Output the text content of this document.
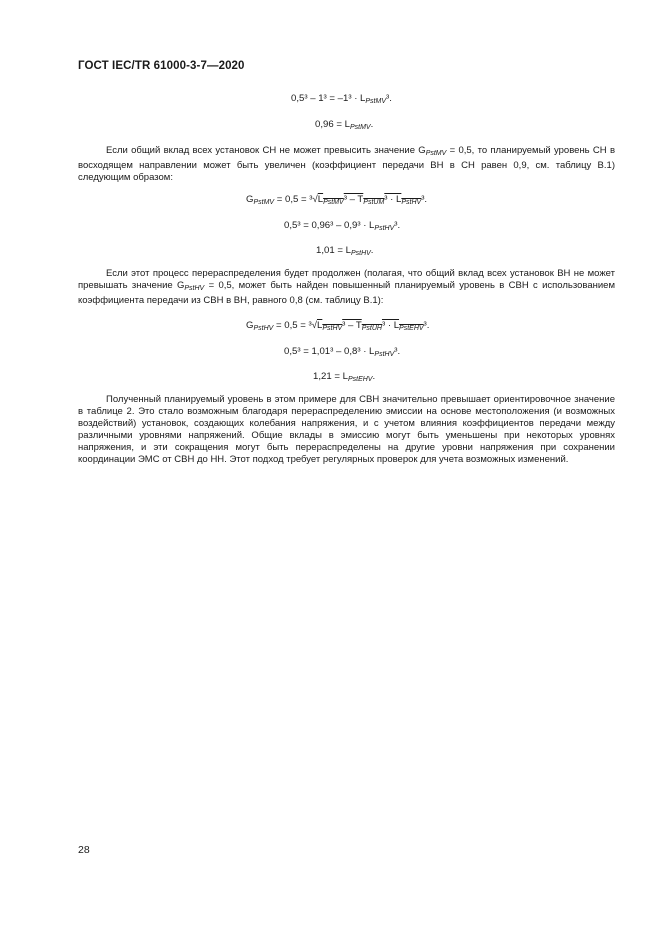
ГОСТ IEC/TR 61000-3-7—2020
$0,5^3 - 1^3 = -1^3 \cdot L_{PstMV}^3$.
$0,96 = L_{PstMV}$.

Если общий вклад всех установок СН не может превысить значение $G_{PstMV} = 0,5$, то планируемый уровень СН в восходящем направлении может быть увеличен (коэффициент передачи ВН в СН равен 0,9, см. таблицу В.1) следующим образом:

$G_{PstMV} = 0,5 = ^3√L_{PstMV}^3 - T_{PstUM}^3 \cdot L_{PstHV}^3$.
$0,5^3 = 0,96^3 - 0,9^3 \cdot L_{PstHV}^3$.
$1,01 = L_{PstHV}$.

Если этот процесс перераспределения будет продолжен (полагая, что общий вклад всех установок ВН не может превышать значение $G_{PstHV} = 0,5$, может быть найден повышенный планируемый уровень в СВН с использованием коэффициента передачи из СВН в ВН, равного 0,8 (см. таблицу В.1):

$G_{PstHV} = 0,5 = ^3√L_{PstHV}^3 - T_{PstUH}^3 \cdot L_{PstEHV}^3$.
$0,5^3 = 1,01^3 - 0,8^3 \cdot L_{PstHV}^3$.
$1,21 = L_{PstEHV}$.

Полученный планируемый уровень в этом примере для СВН значительно превышает ориентировочное значение в таблице 2. Это стало возможным благодаря перераспределению эмиссии на основе местоположения (и возможных воздействий) установок, создающих колебания напряжения, и с учетом влияния коэффициентов передачи между различными уровнями напряжений. Общие вклады в эмиссию могут быть уменьшены при некоторых уровнях напряжения, и эти сокращения могут быть перераспределены на другие уровни напряжения при сохранении координации ЭМС от СВН до НН. Этот подход требует регулярных проверок для учета возможных изменений.

28
